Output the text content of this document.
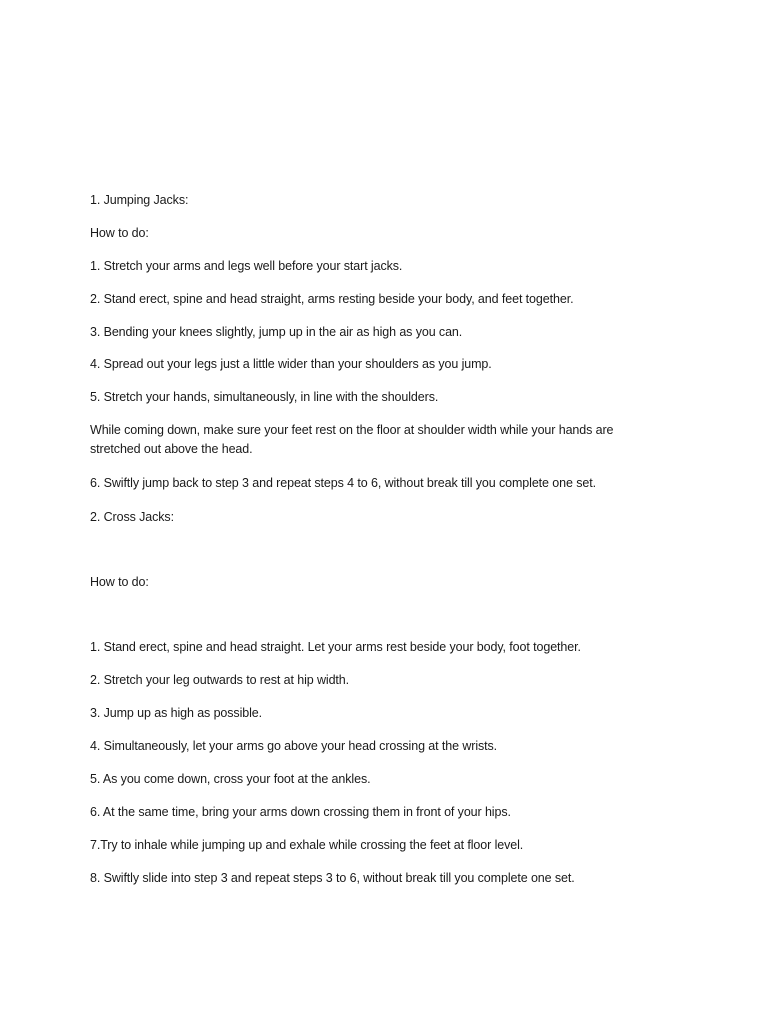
1. Jumping Jacks:
How to do:
1. Stretch your arms and legs well before your start jacks.
2. Stand erect, spine and head straight, arms resting beside your body, and feet together.
3. Bending your knees slightly, jump up in the air as high as you can.
4. Spread out your legs just a little wider than your shoulders as you jump.
5. Stretch your hands, simultaneously, in line with the shoulders.
While coming down, make sure your feet rest on the floor at shoulder width while your hands are stretched out above the head.
6. Swiftly jump back to step 3 and repeat steps 4 to 6, without break till you complete one set.
2. Cross Jacks:
How to do:
1. Stand erect, spine and head straight. Let your arms rest beside your body, foot together.
2. Stretch your leg outwards to rest at hip width.
3. Jump up as high as possible.
4. Simultaneously, let your arms go above your head crossing at the wrists.
5. As you come down, cross your foot at the ankles.
6. At the same time, bring your arms down crossing them in front of your hips.
7.Try to inhale while jumping up and exhale while crossing the feet at floor level.
8. Swiftly slide into step 3 and repeat steps 3 to 6, without break till you complete one set.
